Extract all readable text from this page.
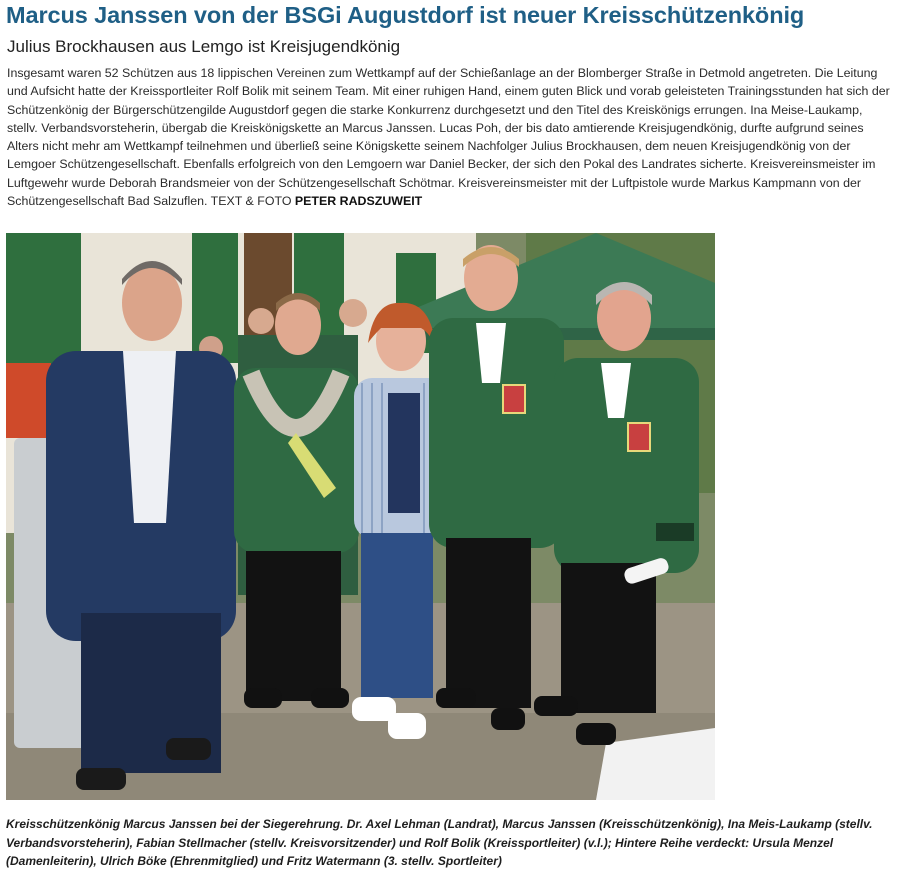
Marcus Janssen von der BSGi Augustdorf ist neuer Kreisschützenkönig
Julius Brockhausen aus Lemgo ist Kreisjugendkönig

Insgesamt waren 52 Schützen aus 18 lippischen Vereinen zum Wettkampf auf der Schießanlage an der Blomberger Straße in Detmold angetreten. Die Leitung und Aufsicht hatte der Kreissportleiter Rolf Bolik mit seinem Team. Mit einer ruhigen Hand, einem guten Blick und vorab geleisteten Trainingsstunden hat sich der Schützenkönig der Bürgerschützengilde Augustdorf gegen die starke Konkurrenz durchgesetzt und den Titel des Kreiskönigs errungen. Ina Meise-Laukamp, stellv. Verbandsvorsteherin, übergab die Kreiskönigskette an Marcus Janssen. Lucas Poh, der bis dato amtierende Kreisjugendkönig, durfte aufgrund seines Alters nicht mehr am Wettkampf teilnehmen und überließ seine Königskette seinem Nachfolger Julius Brockhausen, dem neuen Kreisjugendkönig von der Lemgoer Schützengesellschaft. Ebenfalls erfolgreich von den Lemgoern war Daniel Becker, der sich den Pokal des Landrates sicherte. Kreisvereinsmeister im Luftgewehr wurde Deborah Brandsmeier von der Schützengesellschaft Schötmar. Kreisvereinsmeister mit der Luftpistole wurde Markus Kampmann von der Schützengesellschaft Bad Salzuflen. TEXT & FOTO PETER RADSZUWEIT

Kreisschützenkönig Marcus Janssen bei der Siegerehrung. Dr. Axel Lehman (Landrat), Marcus Janssen (Kreisschützenkönig), Ina Meis-Laukamp (stellv. Verbandsvorsteherin), Fabian Stellmacher (stellv. Kreisvorsitzender) und Rolf Bolik (Kreissportleiter) (v.l.); Hintere Reihe verdeckt: Ursula Menzel (Damenleiterin), Ulrich Böke (Ehrenmitglied) und Fritz Watermann (3. stellv. Sportleiter)
